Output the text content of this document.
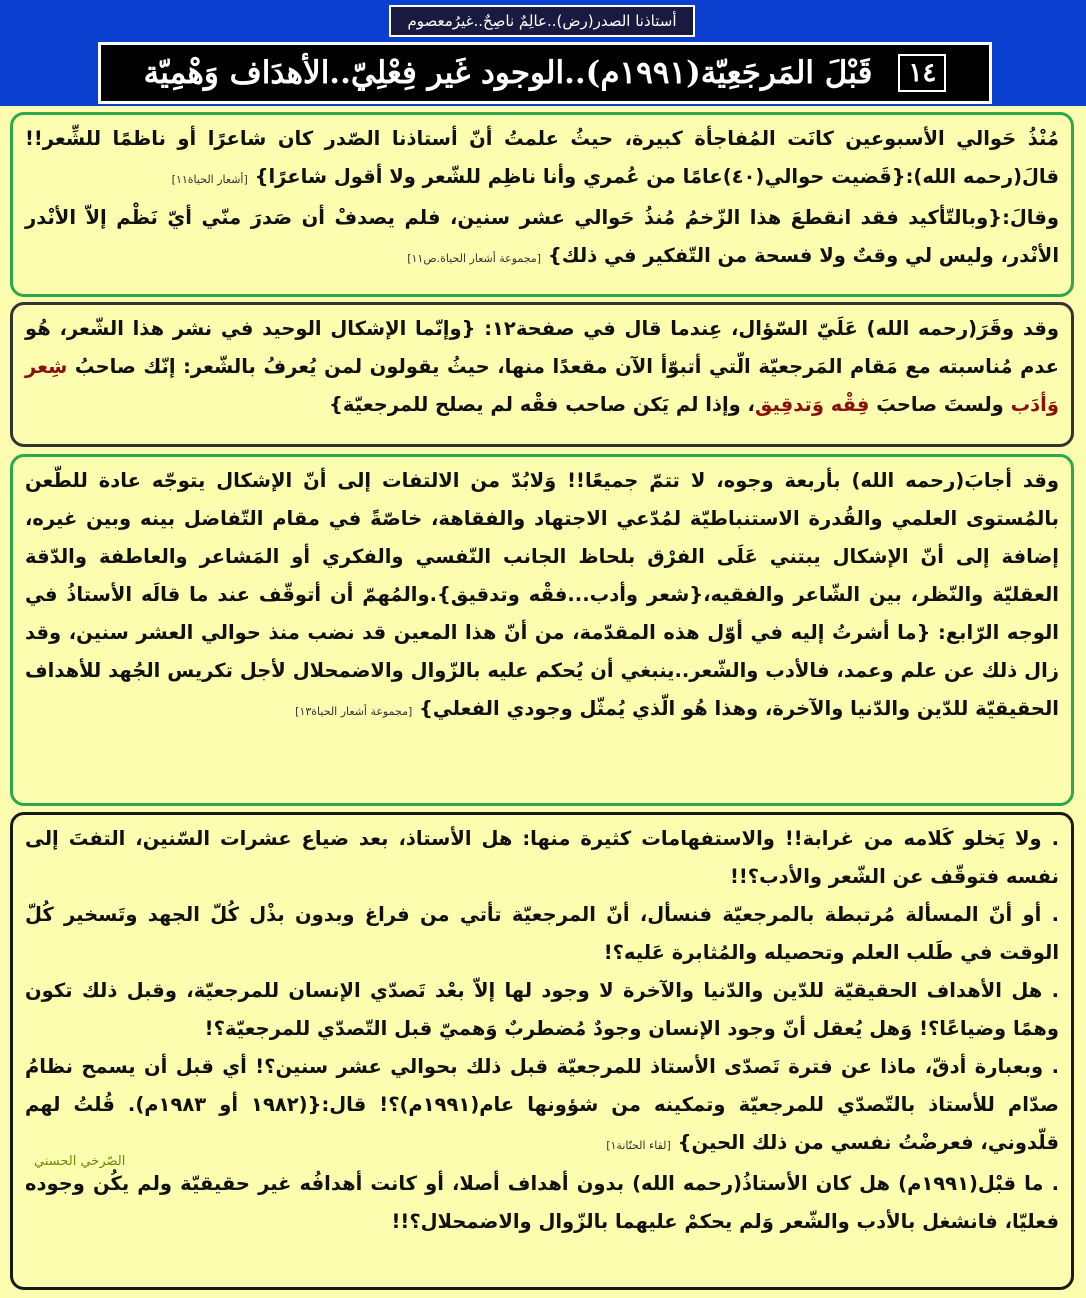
أستاذنا الصدر(رض)..عالِمٌ ناصِحٌ..غيرُمعصوم
١٤
قَبْلَ المَرجَعِيّة(١٩٩١م)..الوجود غَير فِعْلِيّ..الأهدَاف وَهْمِيّة

مُنْذُ حَوالي الأسبوعين كانَت المُفاجأة كبيرة، حيثُ علمتُ أنّ أستاذنا الصّدر كان شاعرًا أو ناظمًا للشِّعر!! قالَ(رحمه الله):{قَضيت حوالي(٤٠)عامًا من عُمري وأنا ناظِم للشّعر ولا أقول شاعرًا} [أشعار الحياة١١]

وقالَ:{وبالتّأكيد فقد انقطعَ هذا الزّخمُ مُنذُ حَوالي عشر سنين، فلم يصدفْ أن صَدرَ منّي أيّ نَظْم إلاّ الأنْدر الأنْدر، وليس لي وقتٌ ولا فسحة من التّفكير في ذلك} [مجموعة أشعار الحياة.ص١١]

وقد وقَرَ(رحمه الله) عَلَيّ السّؤال، عِندما قال في صفحة١٢: {وإنّما الإشكال الوحيد في نشر هذا الشّعر، هُو عدم مُناسبته مع مَقام المَرجعيّة الّتي أتبوّأ الآن مقعدًا منها، حيثُ يقولون لمن يُعرفُ بالشّعر: إنّك صاحبُ شِعر وَأدَب ولستَ صاحبَ فِقْه وَتدقِيق، وإذا لم يَكن صاحب فقْه لم يصلح للمرجعيّة}

وقد أجابَ(رحمه الله) بأربعة وجوه، لا تتمّ جميعًا!! وَلابُدّ من الالتفات إلى أنّ الإشكال يتوجّه عادة للطّعن بالمُستوى العلمي والقُدرة الاستنباطيّة لمُدّعي الاجتهاد والفقاهة، خاصّةً في مقام التّفاضل بينه وبين غيره، إضافة إلى أنّ الإشكال يبتني عَلَى الفرْق بلحاظ الجانب النّفسي والفكري أو المَشاعر والعاطفة والدّقة العقليّة والنّظر، بين الشّاعر والفقيه،{شعر وأدب...فقْه وتدقيق}.والمُهمّ أن أتوقّف عند ما قالَه الأستاذُ في الوجه الرّابع: {ما أشرتُ إليه في أوّل هذه المقدّمة، من أنّ هذا المعين قد نضب منذ حوالي العشر سنين، وقد زال ذلك عن علم وعمد، فالأدب والشّعر..ينبغي أن يُحكم عليه بالزّوال والاضمحلال لأجل تكريس الجُهد للأهداف الحقيقيّة للدّين والدّنيا والآخرة، وهذا هُو الّذي يُمثّل وجودي الفعلي} [مجموعة أشعار الحياة١٣]

. ولا يَخلو كَلامه من غرابة!! والاستفهامات كثيرة منها: هل الأستاذ، بعد ضياع عشرات السّنين، التفتَ إلى نفسه فتوقّف عن الشّعر والأدب؟!!

. أو أنّ المسألة مُرتبطة بالمرجعيّة فنسأل، أنّ المرجعيّة تأتي من فراغ وبدون بذْل كُلّ الجهد وتَسخير كُلّ الوقت في طَلب العلم وتحصيله والمُثابرة عَليه؟!

. هل الأهداف الحقيقيّة للدّين والدّنيا والآخرة لا وجود لها إلاّ بعْد تَصدّي الإنسان للمرجعيّة، وقبل ذلك تكون وهمًا وضياعًا؟! وَهل يُعقل أنّ وجود الإنسان وجودٌ مُضطربٌ وَهميّ قبل التّصدّي للمرجعيّة؟!

. وبعبارة أدقّ، ماذا عن فترة تَصدّى الأستاذ للمرجعيّة قبل ذلك بحوالي عشر سنين؟! أي قبل أن يسمح نظامُ صدّام للأستاذ بالتّصدّي للمرجعيّة وتمكينه من شؤونها عام(١٩٩١م)؟! قال:{(١٩٨٢ أو ١٩٨٣م). قُلتُ لهم قلّدوني، فعرضْتُ نفسي من ذلك الحين} [لقاء الحنّانة١]

. ما قبْل(١٩٩١م) هل كان الأستاذُ(رحمه الله) بدون أهداف أصلا، أو كانت أهدافُه غير حقيقيّة ولم يكُن وجوده فعليّا، فانشغل بالأدب والشّعر وَلم يحكمْ عليهما بالزّوال والاضمحلال؟!!

الصّرخي الحسني
